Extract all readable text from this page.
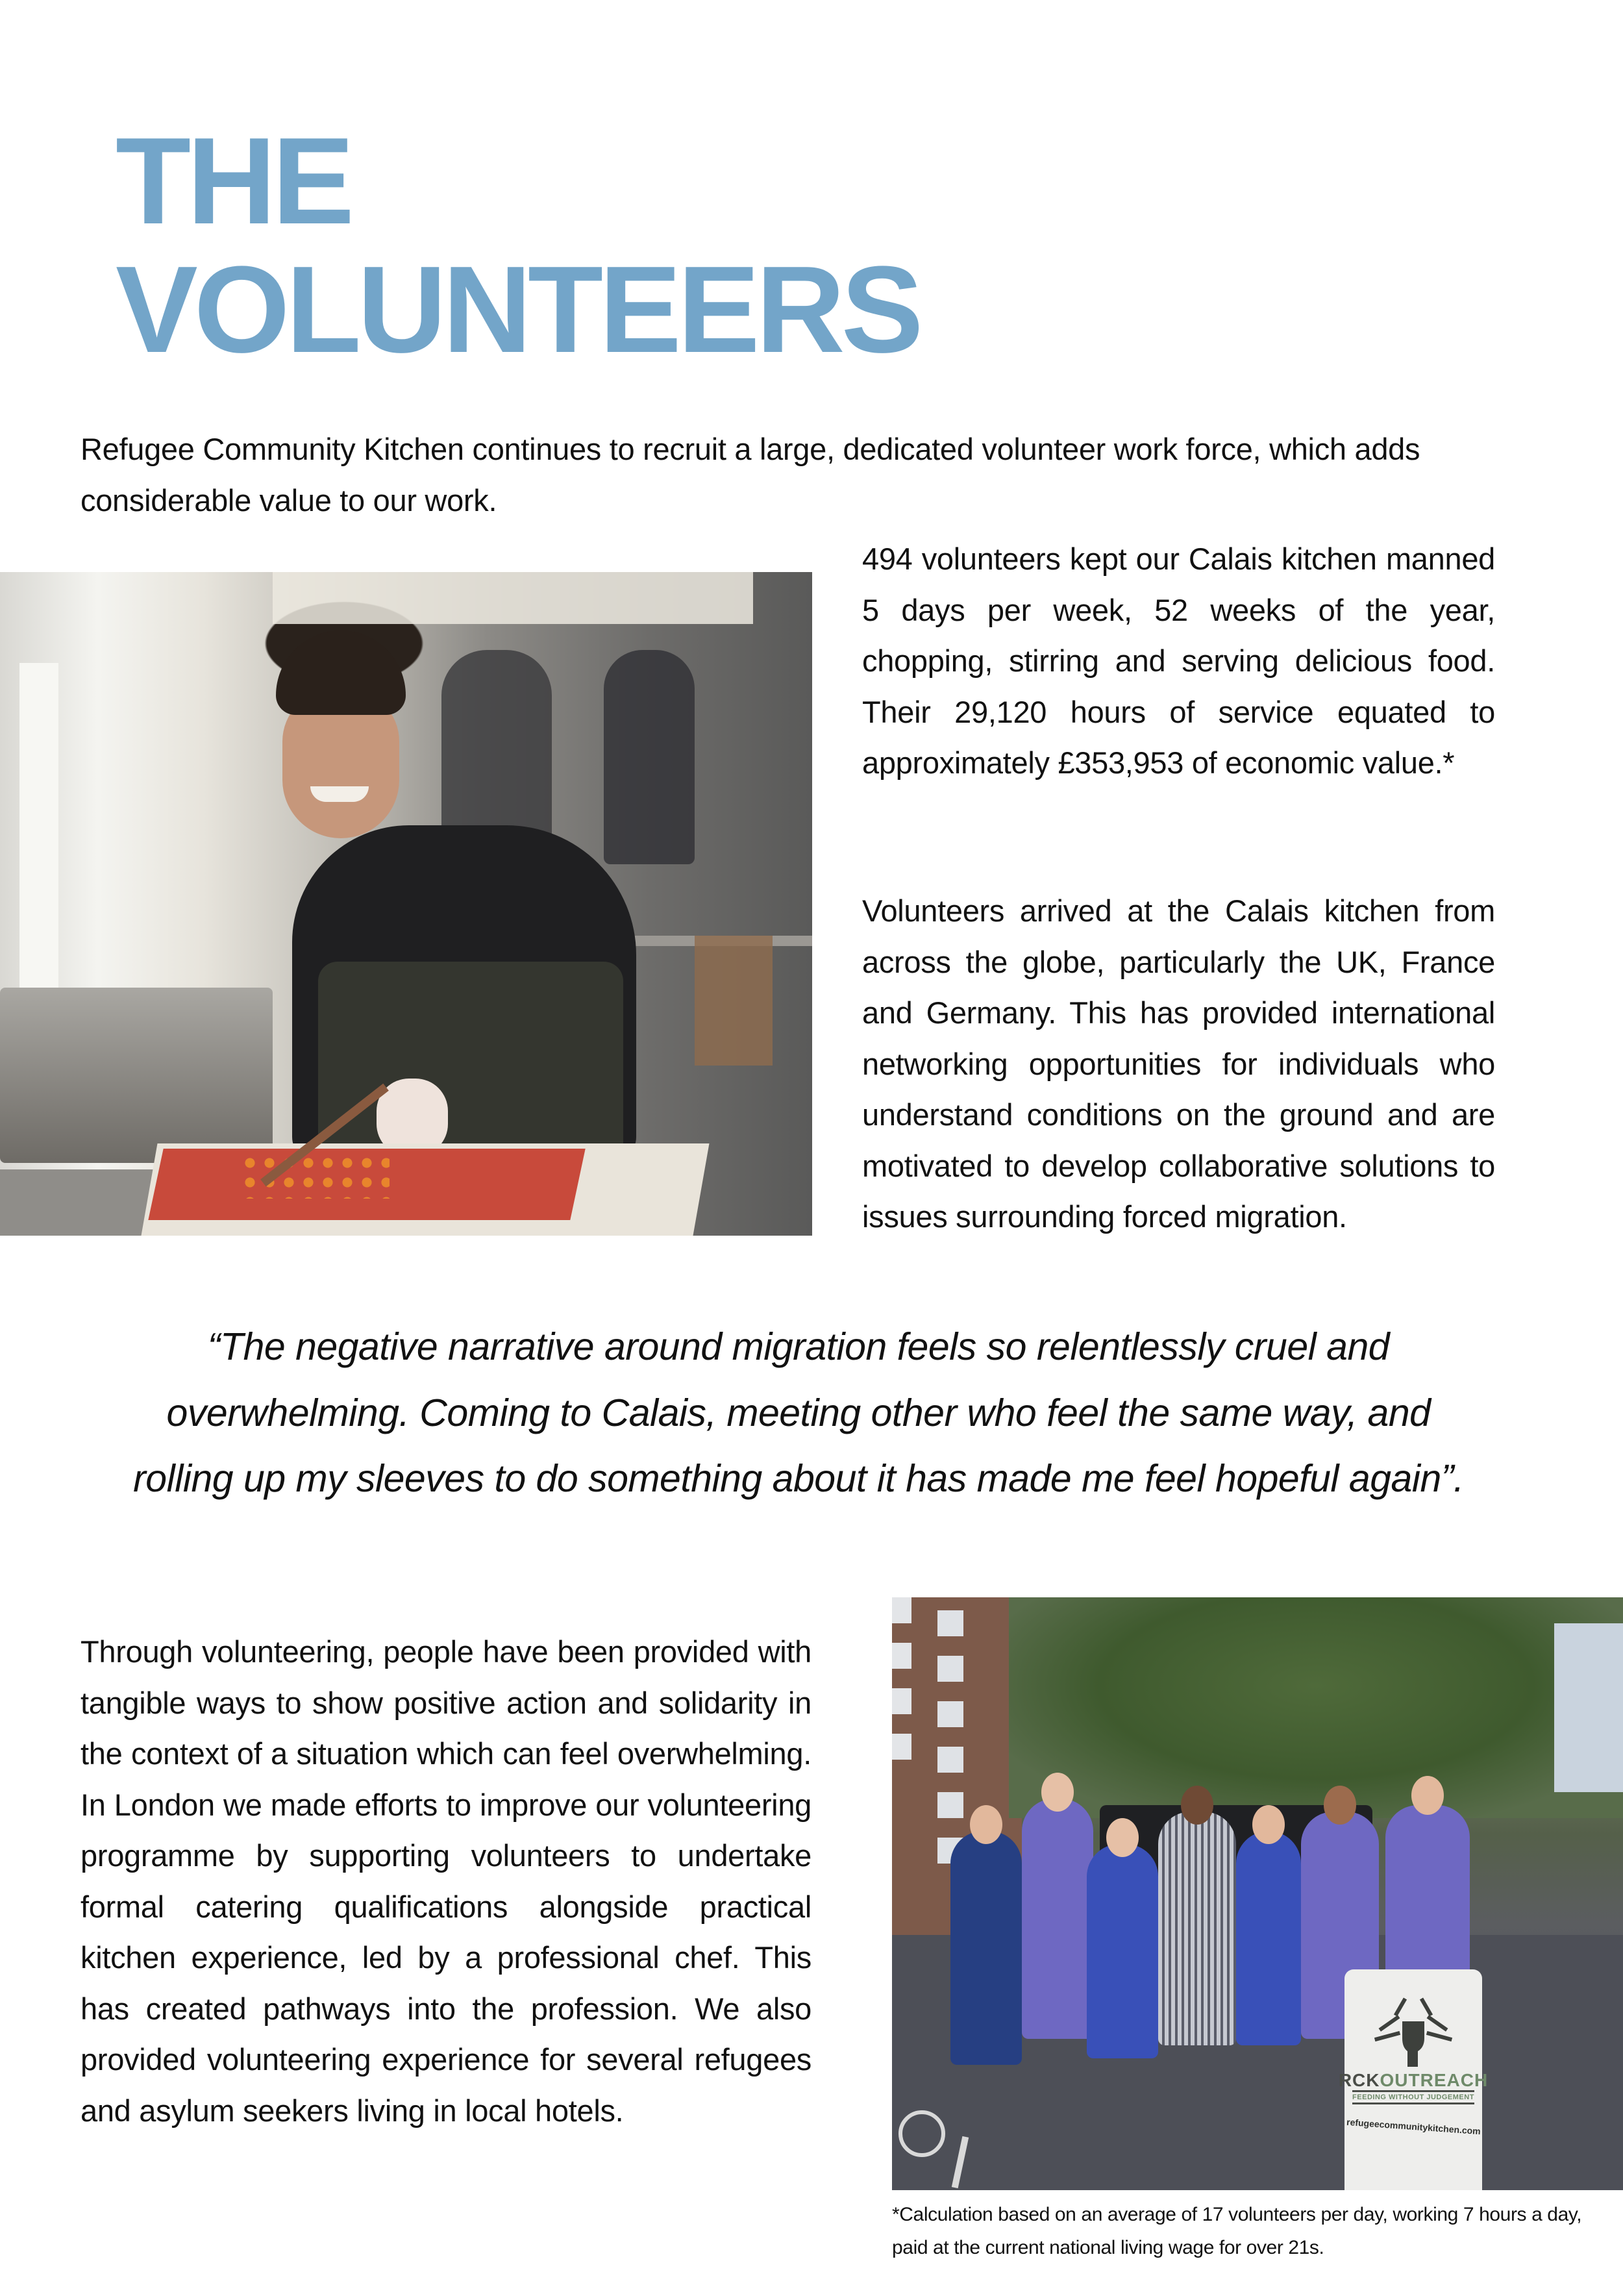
THE
VOLUNTEERS

Refugee Community Kitchen continues to recruit a large, dedicated volunteer work force, which adds considerable value to our work.

494 volunteers kept our Calais kitchen manned 5 days per week, 52 weeks of the year, chopping, stirring and serving delicious food. Their 29,120 hours of service equated to approximately £353,953 of economic value.*
Volunteers arrived at the Calais kitchen from across the globe, particularly the UK, France and Germany. This has provided international networking opportunities for individuals who understand conditions on the ground and are motivated to develop collaborative solutions to issues surrounding forced migration.

“The negative narrative around migration feels so relentlessly cruel and overwhelming. Coming to Calais, meeting other who feel the same way, and rolling up my sleeves to do something about it has made me feel hopeful again”.

Through volunteering, people have been provided with tangible ways to show positive action and solidarity in the context of a situation which can feel overwhelming. In London we made efforts to improve our volunteering programme by supporting volunteers to undertake formal catering qualifications alongside practical kitchen experience, led by a professional chef. This has created pathways into the profession. We also provided volunteering experience for several refugees and asylum seekers living in local hotels.
RCKOUTREACH
FEEDING WITHOUT JUDGEMENT
refugeecommunitykitchen.com

*Calculation based on an average of 17 volunteers per day, working 7 hours a day, paid at the current national living wage for over 21s.
